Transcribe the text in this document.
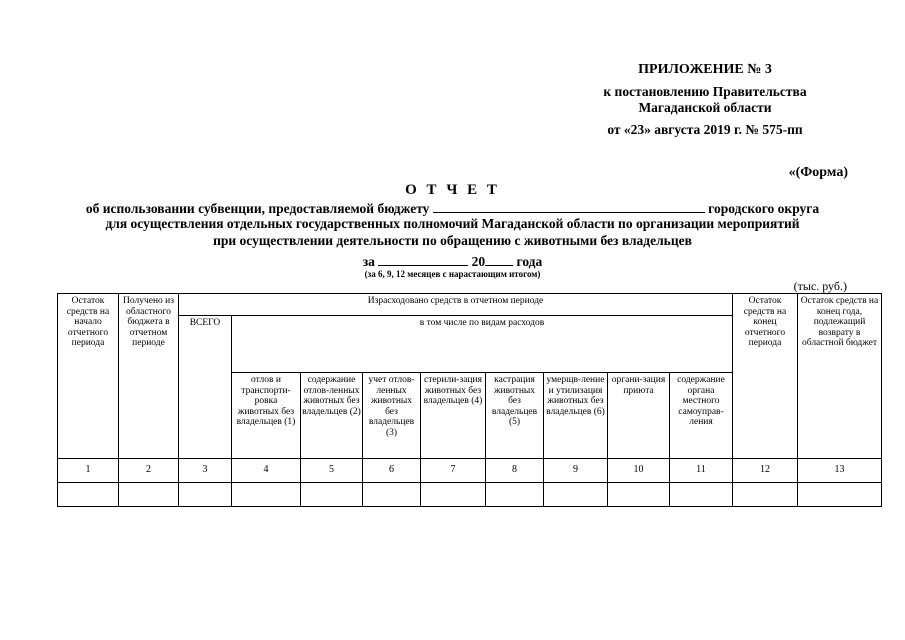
ПРИЛОЖЕНИЕ № 3
к постановлению Правительства
Магаданской области
от «23» августа 2019 г. № 575-пп
«(Форма)
О Т Ч Е Т
об использовании субвенции, предоставляемой бюджету	городского округа
для осуществления отдельных государственных полномочий Магаданской области по организации мероприятий
при осуществлении деятельности по обращению с животными без владельцев
за	20 года
(за 6, 9, 12 месяцев с нарастающим итогом)
(тыс. руб.)
Остаток средств на начало отчетного периода	Получено из областного бюджета в отчетном периоде	Израсходовано средств в отчетном периоде									Остаток средств на конец отчетного периода	Остаток средств на конец года, подлежащий возврату в областной бюджет
		ВСЕГО	в том числе по видам расходов									
			отлов и транспорти-ровка животных без владельцев (1)	содержание отлов-ленных животных без владельцев (2)	учет отлов-ленных животных без владельцев (3)	стерили-зация животных без владельцев (4)	кастрация животных без владельцев (5)	умерщв-ление и утилизация животных без владельцев (6)	органи-зация приюта	содержание органа местного самоуправ-ления		
1	2	3	4	5	6	7	8	9	10	11	12	13
